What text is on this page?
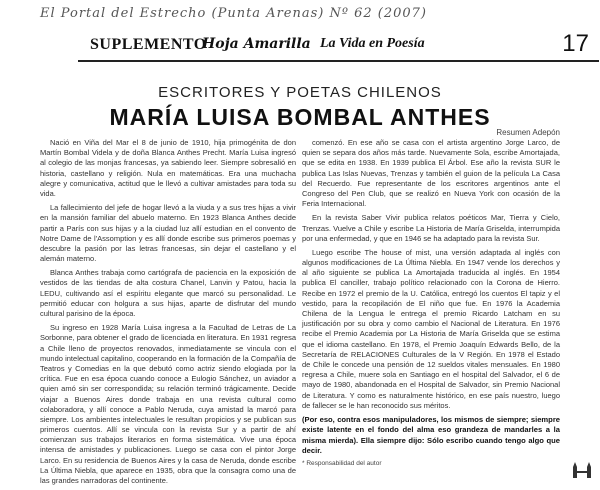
El Portal del Estrecho (Punta Arenas) Nº 62 (2007)
SUPLEMENTO
Hoja Amarilla La Vida en Poesía	17
ESCRITORES Y POETAS CHILENOS
MARÍA LUISA BOMBAL ANTHES
Resumen Adepón

Nació en Viña del Mar el 8 de junio de 1910, hija primogénita de don Martín Bombal Videla y de doña Blanca Anthes Precht. María Luisa ingresó al colegio de las monjas francesas, ya sabiendo leer. Siempre sobresalió en historia, castellano y religión. Nula en matemáticas. Era una muchacha alegre y comunicativa, actitud que le llevó a cultivar amistades para toda su vida.

La fallecimiento del jefe de hogar llevó a la viuda y a sus tres hijas a vivir en la mansión familiar del abuelo materno. En 1923 Blanca Anthes decide partir a París con sus hijas y a la ciudad luz allí estudian en el convento de Notre Dame de l'Assomption y es allí donde escribe sus primeros poemas y descubre la pasión por las letras francesas, sin dejar el castellano y el alemán materno.

Blanca Anthes trabaja como cartógrafa de paciencia en la exposición de vestidos de las tiendas de alta costura Chanel, Lanvin y Patou, hacia la LEDU, cultivando así el espíritu elegante que marcó su personalidad. Le permitió educar con holgura a sus hijas, aparte de disfrutar del mundo cultural parisino de la época.

Su ingreso en 1928 María Luisa ingresa a la Facultad de Letras de La Sorbonne, para obtener el grado de licenciada en literatura. En 1931 regresa a Chile lleno de proyectos renovados, inmediatamente se vincula con el mundo intelectual capitalino, cooperando en la formación de la Compañía de Teatros y Comedias en la que debutó como actriz siendo elogiada por la crítica. Fue en esa época cuando conoce a Eulogio Sánchez, un aviador a quien amó sin ser correspondida; su relación terminó trágicamente. Decide viajar a Buenos Aires donde trabaja en una revista cultural como colaboradora, y allí conoce a Pablo Neruda, cuya amistad la marcó para siempre. Los ambientes intelectuales le resultan propicios y se publican sus primeros cuentos. Allí se vincula con la revista Sur y a partir de ahí comienzan sus trabajos literarios en forma sistemática. Vive una época intensa de amistades y publicaciones. Luego se casa con el pintor Jorge Larco. En su residencia de Buenos Aires y la casa de Neruda, donde escribe La Última Niebla, que aparece en 1935, obra que la consagra como una de las grandes narradoras del continente.

comenzó. En ese año se casa con el artista argentino Jorge Larco, de quien se separa dos años más tarde. Nuevamente Sola, escribe Amortajada, que se edita en 1938. En 1939 publica El Árbol. Ese año la revista SUR le publica Las Islas Nuevas, Trenzas y también el guion de la película La Casa del Recuerdo. Fue representante de los escritores argentinos ante el Congreso del Pen Club, que se realizó en Nueva York con ocasión de la Feria Internacional.

En la revista Saber Vivir publica relatos poéticos Mar, Tierra y Cielo, Trenzas. Vuelve a Chile y escribe La Historia de María Griselda, interrumpida por una enfermedad, y que en 1946 se ha adaptado para la revista Sur.

Luego escribe The house of mist, una versión adaptada al inglés con algunos modificaciones de La Última Niebla. En 1947 vende los derechos y al año siguiente se publica La Amortajada traducida al inglés. En 1954 publica El canciller, trabajo político relacionado con la Corona de Hierro. Recibe en 1972 el premio de la U. Católica, entregó los cuentos El tapiz y el vestido, para la recopilación de El niño que fue. En 1976 la Academia Chilena de la Lengua le entrega el premio Ricardo Latcham en su justificación por su obra y como cambio el Nacional de Literatura. En 1976 recibe el Premio Academia por La Historia de María Griselda que se estima que el idioma castellano. En 1978, el Premio Joaquín Edwards Bello, de la Secretaría de RELACIONES Culturales de la V Región. En 1978 el Estado de Chile le concede una pensión de 12 sueldos vitales mensuales. En 1980 regresa a Chile, muere sola en Santiago en el hospital del Salvador, el 6 de mayo de 1980, abandonada en el Hospital de Salvador, sin Premio Nacional de Literatura. Y como es naturalmente histórico, en ese país nuestro, luego de fallecer se le han reconocido sus méritos.

(Por eso, contra esos manipuladores, los mismos de siempre; siempre existe latente en el fondo del alma eso grandeza de mandarles a la misma mierda). Ella siempre dijo: Sólo escribo cuando tengo algo que decir.

* Responsabilidad del autor
